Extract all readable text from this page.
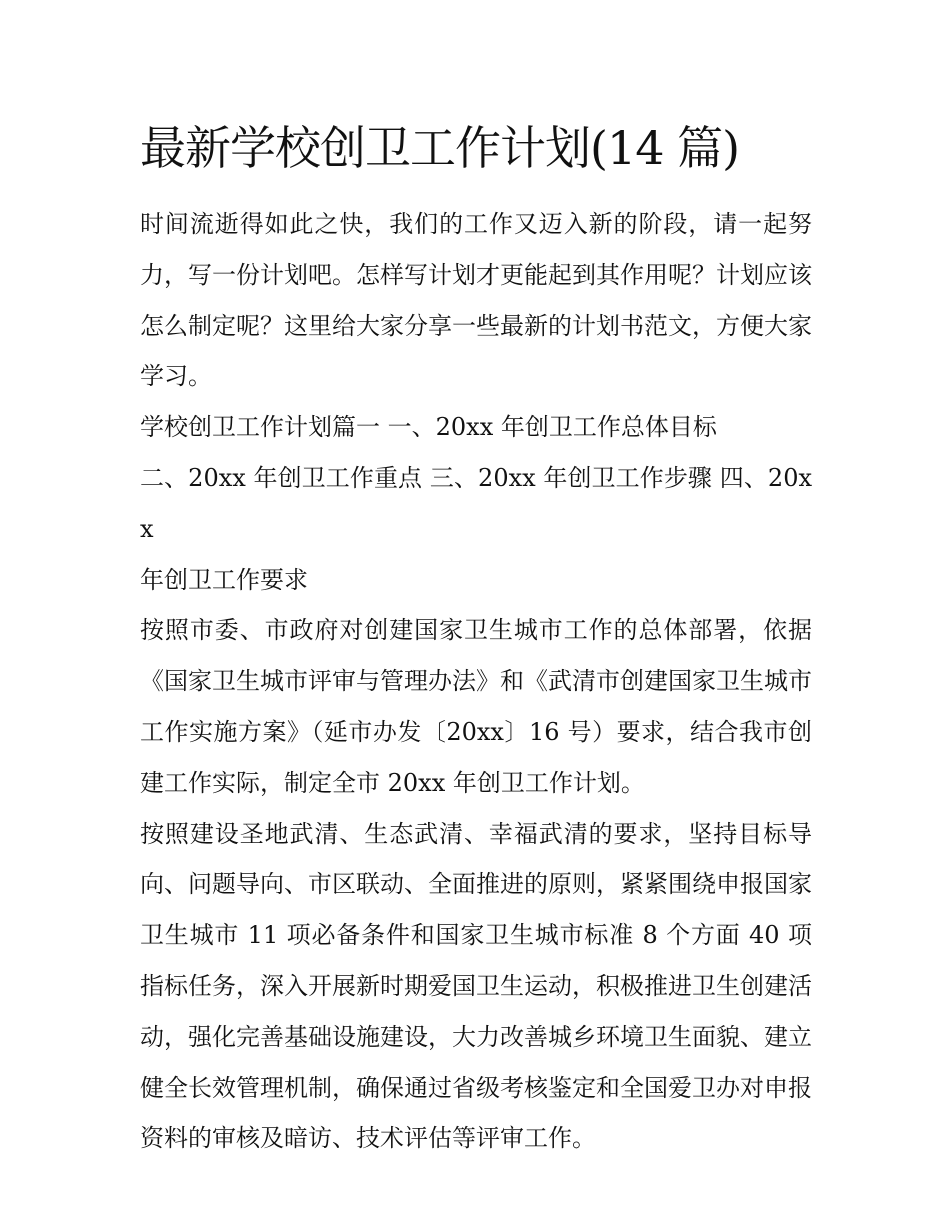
最新学校创卫工作计划(14 篇)

时间流逝得如此之快，我们的工作又迈入新的阶段，请一起努力，写一份计划吧。怎样写计划才更能起到其作用呢？计划应该怎么制定呢？这里给大家分享一些最新的计划书范文，方便大家学习。

学校创卫工作计划篇一 一、20xx 年创卫工作总体目标

二、20xx 年创卫工作重点 三、20xx 年创卫工作步骤 四、20xx
年创卫工作要求

按照市委、市政府对创建国家卫生城市工作的总体部署，依据《国家卫生城市评审与管理办法》和《武清市创建国家卫生城市工作实施方案》（延市办发〔20xx〕16 号）要求，结合我市创建工作实际，制定全市 20xx 年创卫工作计划。

按照建设圣地武清、生态武清、幸福武清的要求，坚持目标导向、问题导向、市区联动、全面推进的原则，紧紧围绕申报国家卫生城市 11 项必备条件和国家卫生城市标准 8 个方面 40 项指标任务，深入开展新时期爱国卫生运动，积极推进卫生创建活动，强化完善基础设施建设，大力改善城乡环境卫生面貌、建立健全长效管理机制，确保通过省级考核鉴定和全国爱卫办对申报资料的审核及暗访、技术评估等评审工作。
